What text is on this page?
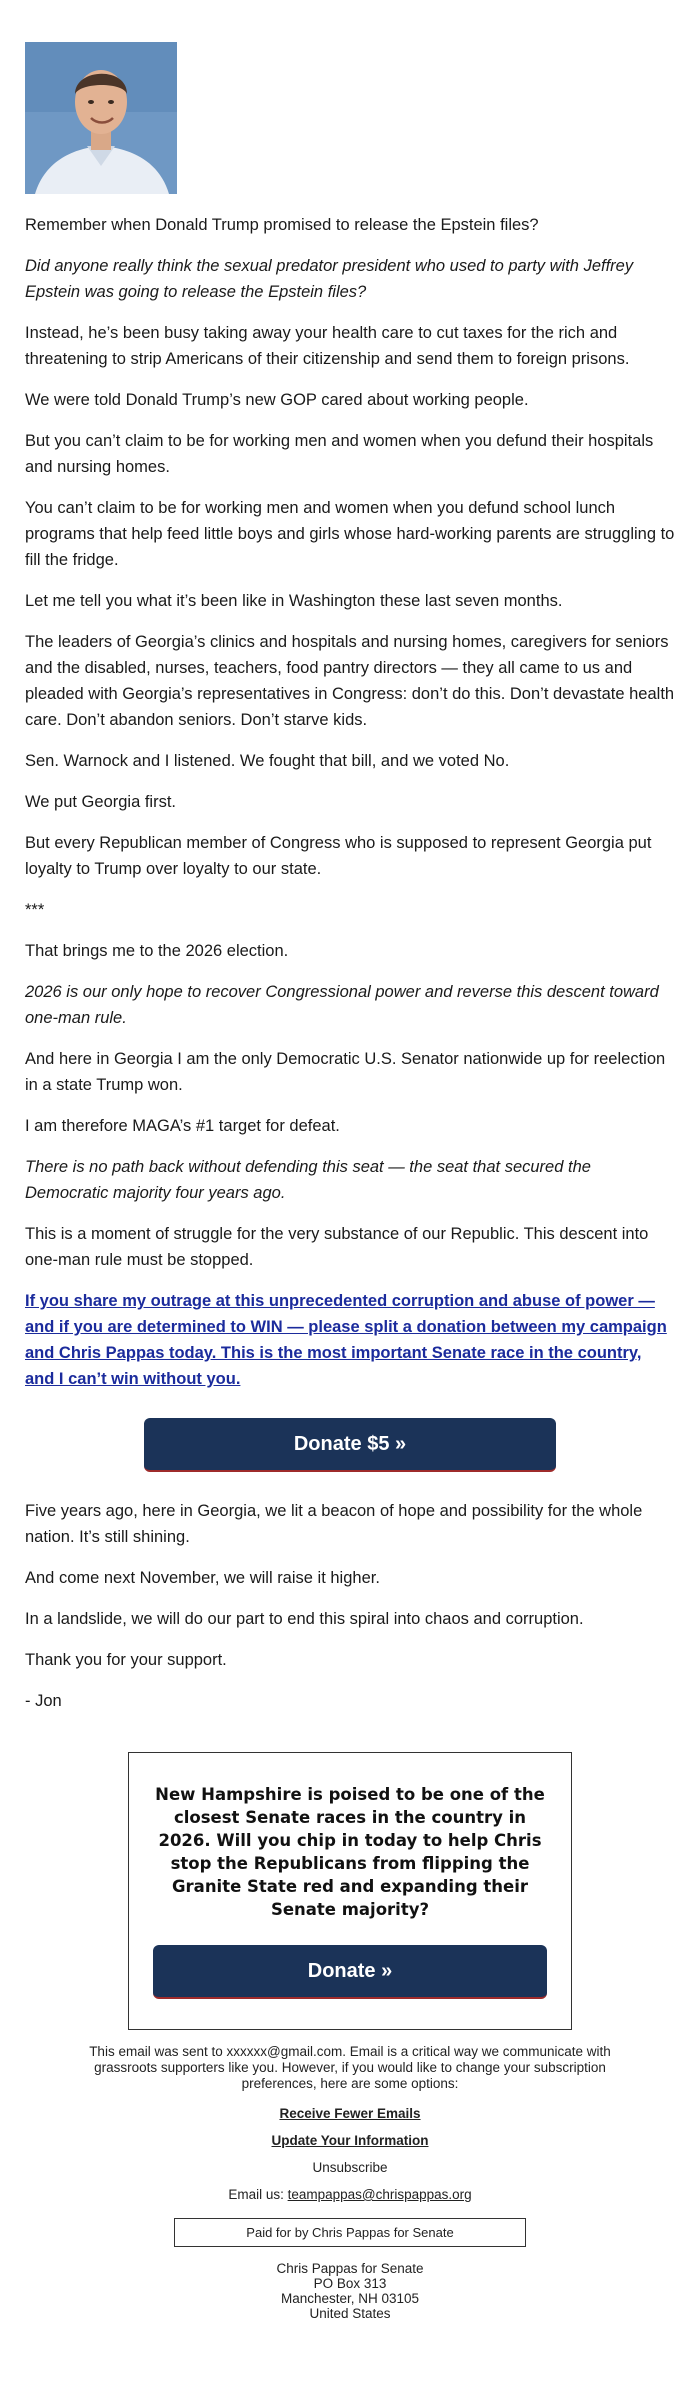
Remember when Donald Trump promised to release the Epstein files?

Did anyone really think the sexual predator president who used to party with Jeffrey Epstein was going to release the Epstein files?

Instead, he’s been busy taking away your health care to cut taxes for the rich and threatening to strip Americans of their citizenship and send them to foreign prisons.

We were told Donald Trump’s new GOP cared about working people.

But you can’t claim to be for working men and women when you defund their hospitals and nursing homes.

You can’t claim to be for working men and women when you defund school lunch programs that help feed little boys and girls whose hard-working parents are struggling to fill the fridge.

Let me tell you what it’s been like in Washington these last seven months.

The leaders of Georgia’s clinics and hospitals and nursing homes, caregivers for seniors and the disabled, nurses, teachers, food pantry directors — they all came to us and pleaded with Georgia’s representatives in Congress: don’t do this. Don’t devastate health care. Don’t abandon seniors. Don’t starve kids.

Sen. Warnock and I listened. We fought that bill, and we voted No.

We put Georgia first.

But every Republican member of Congress who is supposed to represent Georgia put loyalty to Trump over loyalty to our state.

***

That brings me to the 2026 election.

2026 is our only hope to recover Congressional power and reverse this descent toward one-man rule.

And here in Georgia I am the only Democratic U.S. Senator nationwide up for reelection in a state Trump won.

I am therefore MAGA’s #1 target for defeat.

There is no path back without defending this seat — the seat that secured the Democratic majority four years ago.

This is a moment of struggle for the very substance of our Republic. This descent into one-man rule must be stopped.

If you share my outrage at this unprecedented corruption and abuse of power — and if you are determined to WIN — please split a donation between my campaign and Chris Pappas today. This is the most important Senate race in the country, and I can’t win without you.
Donate $5 »

Five years ago, here in Georgia, we lit a beacon of hope and possibility for the whole nation. It’s still shining.

And come next November, we will raise it higher.

In a landslide, we will do our part to end this spiral into chaos and corruption.

Thank you for your support.

- Jon

New Hampshire is poised to be one of the closest Senate races in the country in 2026. Will you chip in today to help Chris stop the Republicans from flipping the Granite State red and expanding their Senate majority?

Donate »

This email was sent to xxxxxx@gmail.com. Email is a critical way we communicate with grassroots supporters like you. However, if you would like to change your subscription preferences, here are some options:

Receive Fewer Emails
Update Your Information
Unsubscribe
Email us: teampappas@chrispappas.org
Paid for by Chris Pappas for Senate
Chris Pappas for Senate
PO Box 313
Manchester, NH 03105
United States
